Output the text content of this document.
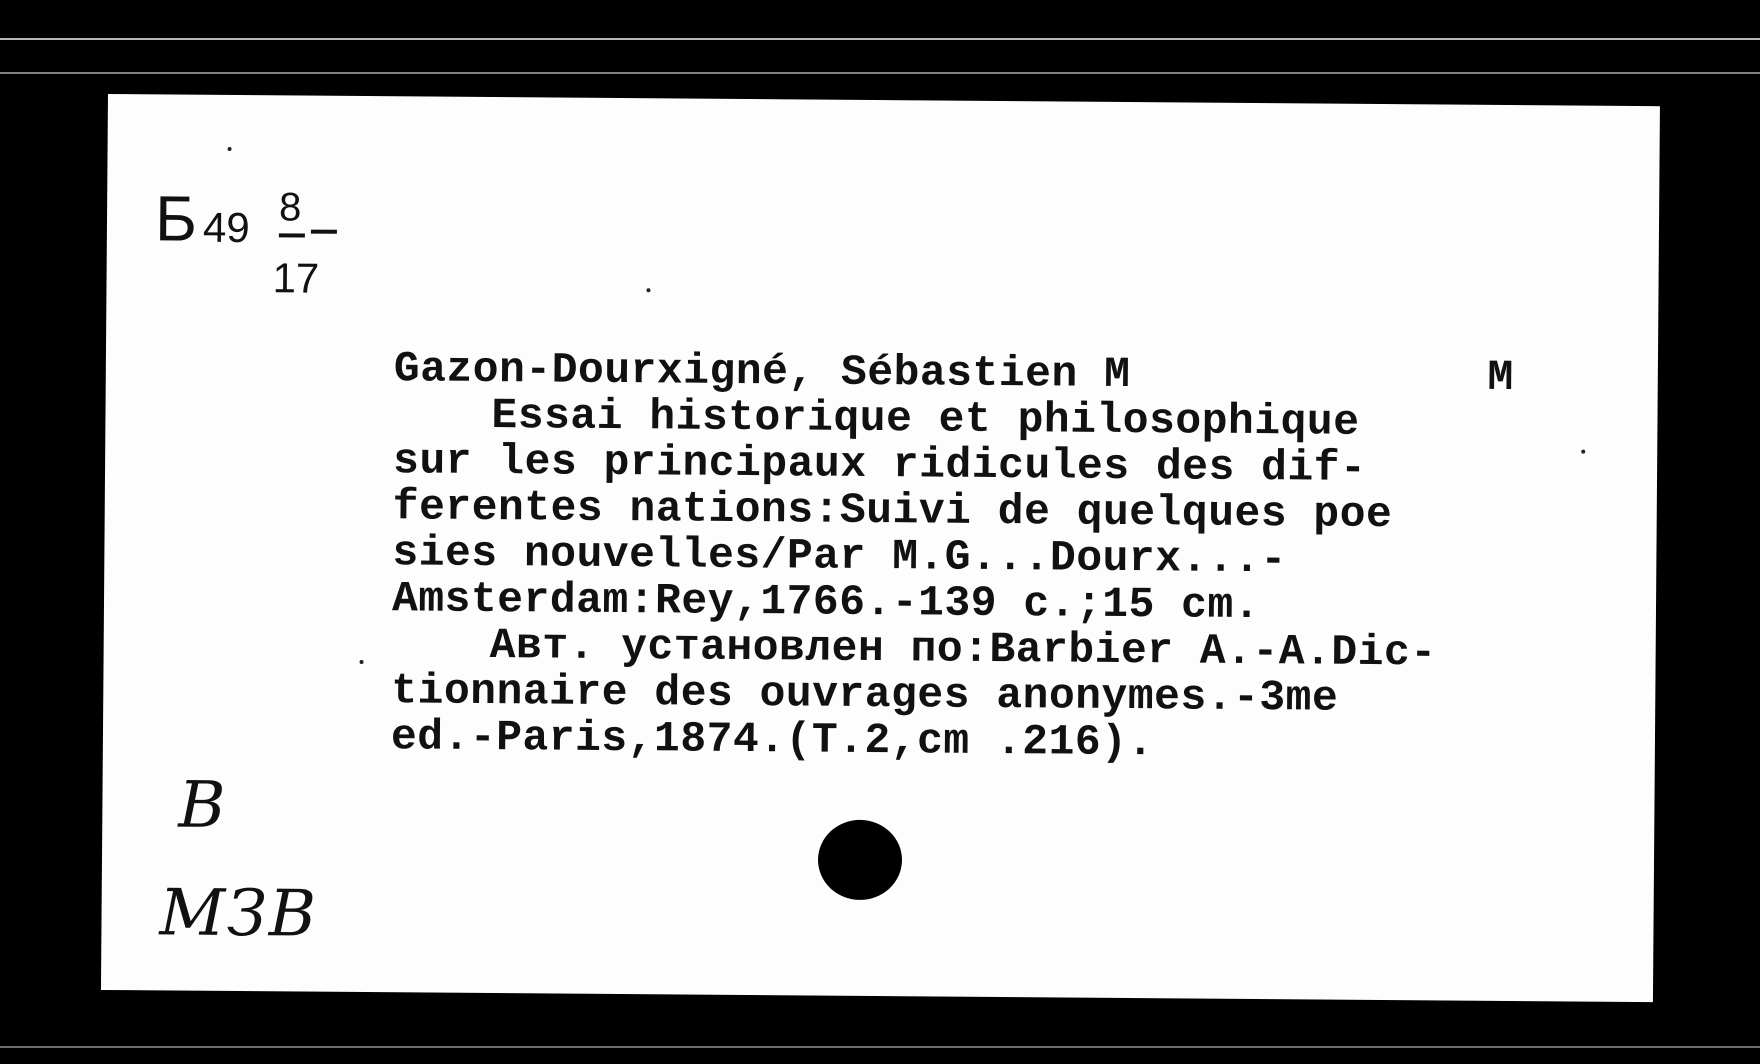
Б 49 8
17
Gazon-Dourxigné, Sébastien M	M
Essai historique et philosophique
sur les principaux ridicules des dif-
ferentes nations:Suivi de quelques poe
sies nouvelles/Par M.G...Dourx...-
Amsterdam:Rey,1766.-139 c.;15 cm.
Авт. установлен по:Barbier A.-A.Dic-
tionnaire des ouvrages anonymes.-3me
ed.-Paris,1874.(T.2,cm .216).
В
МЗВ
